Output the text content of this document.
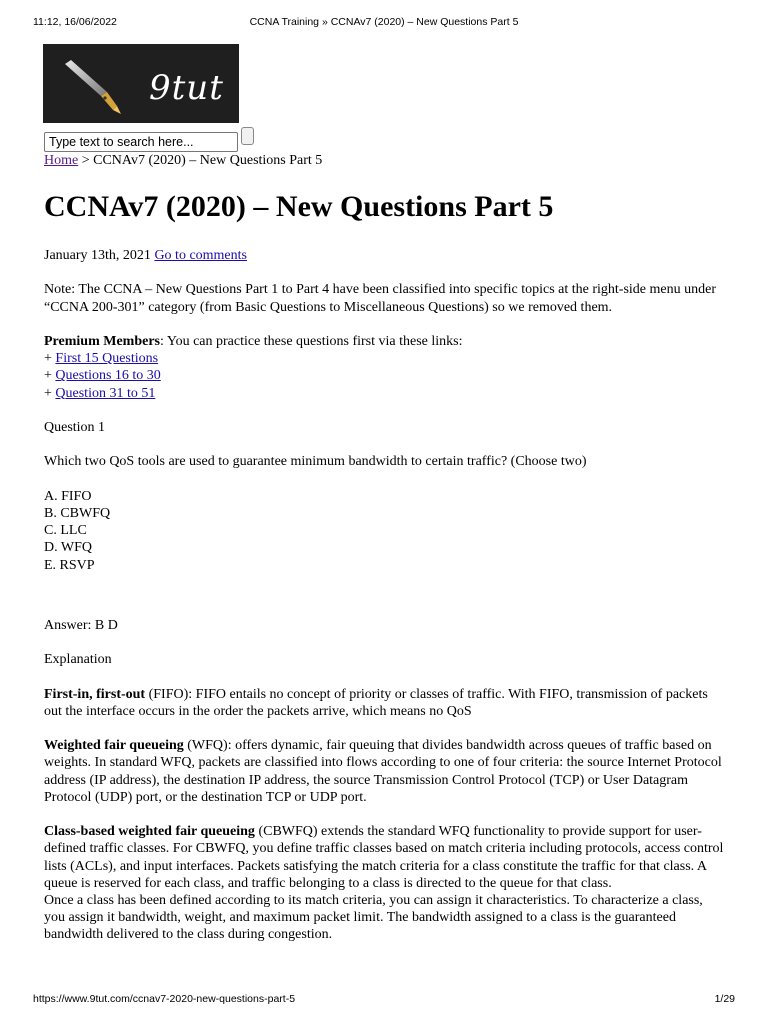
11:12, 16/06/2022	CCNA Training » CCNAv7 (2020) – New Questions Part 5
9tut
Type text to search here...
Home > CCNAv7 (2020) – New Questions Part 5
CCNAv7 (2020) – New Questions Part 5

January 13th, 2021 Go to comments

Note: The CCNA – New Questions Part 1 to Part 4 have been classified into specific topics at the right-side menu under “CCNA 200-301” category (from Basic Questions to Miscellaneous Questions) so we removed them.

Premium Members: You can practice these questions first via these links:

+ First 15 Questions

+ Questions 16 to 30

+ Question 31 to 51

Question 1

Which two QoS tools are used to guarantee minimum bandwidth to certain traffic? (Choose two)

A. FIFO

B. CBWFQ

C. LLC

D. WFQ

E. RSVP

Answer: B D

Explanation

First-in, first-out (FIFO): FIFO entails no concept of priority or classes of traffic. With FIFO, transmission of packets out the interface occurs in the order the packets arrive, which means no QoS

Weighted fair queueing (WFQ): offers dynamic, fair queuing that divides bandwidth across queues of traffic based on weights. In standard WFQ, packets are classified into flows according to one of four criteria: the source Internet Protocol address (IP address), the destination IP address, the source Transmission Control Protocol (TCP) or User Datagram Protocol (UDP) port, or the destination TCP or UDP port.

Class-based weighted fair queueing (CBWFQ) extends the standard WFQ functionality to provide support for user-defined traffic classes. For CBWFQ, you define traffic classes based on match criteria including protocols, access control lists (ACLs), and input interfaces. Packets satisfying the match criteria for a class constitute the traffic for that class. A queue is reserved for each class, and traffic belonging to a class is directed to the queue for that class.

Once a class has been defined according to its match criteria, you can assign it characteristics. To characterize a class, you assign it bandwidth, weight, and maximum packet limit. The bandwidth assigned to a class is the guaranteed bandwidth delivered to the class during congestion.

https://www.9tut.com/ccnav7-2020-new-questions-part-5	1/29
